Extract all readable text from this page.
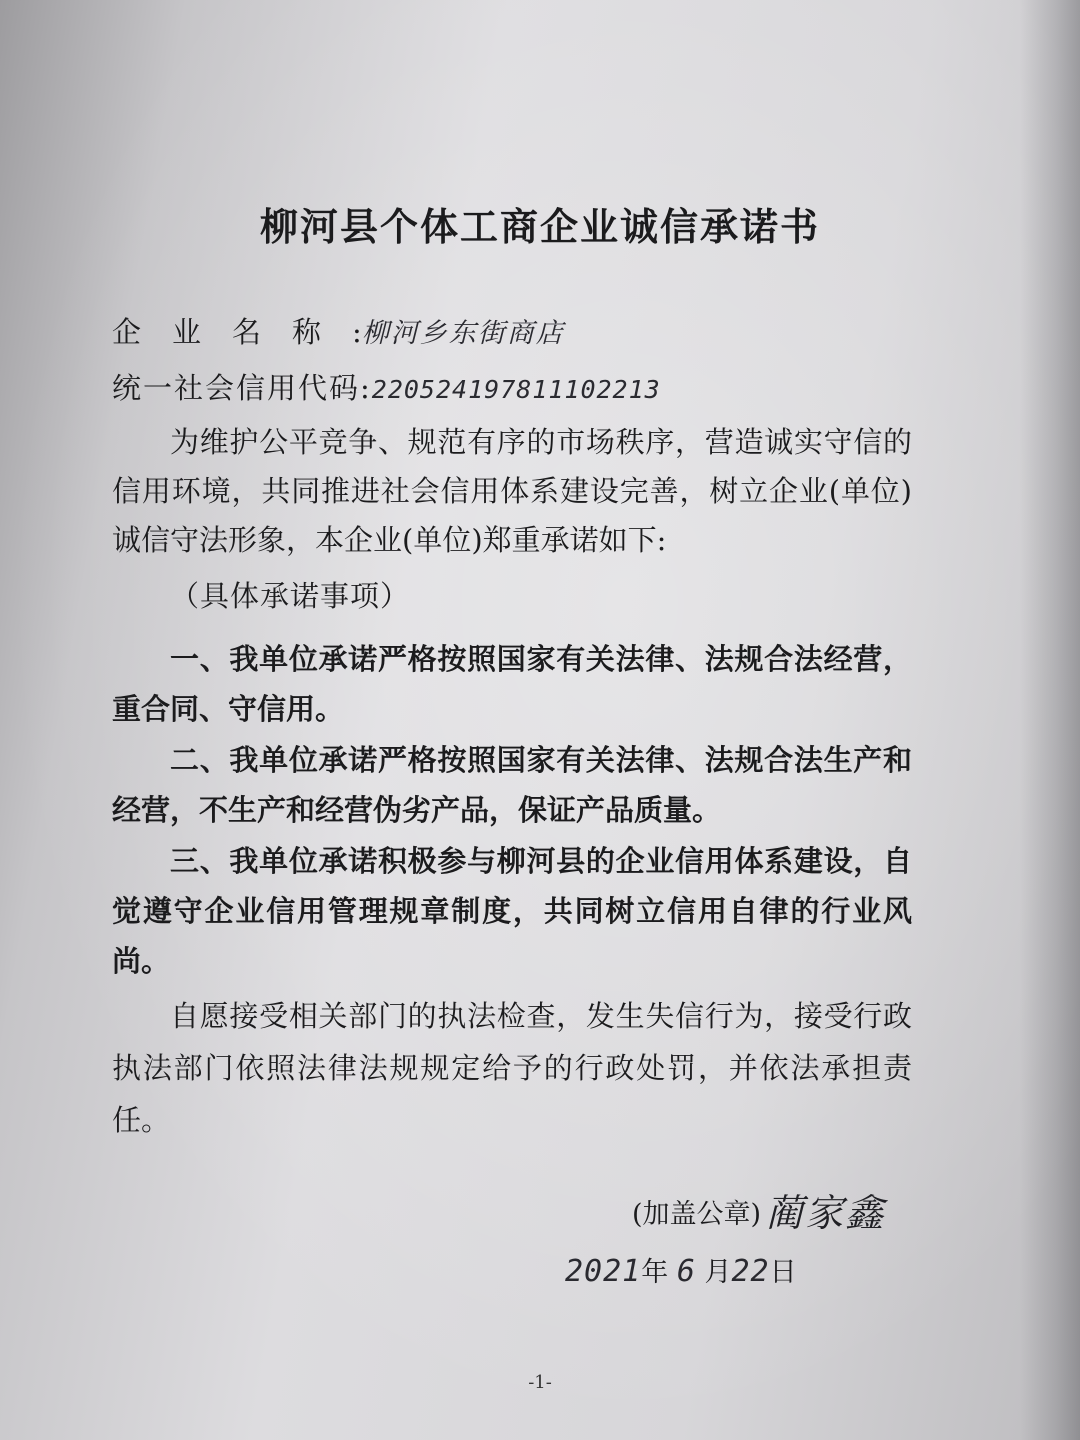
柳河县个体工商企业诚信承诺书
企业名称:柳河乡东街商店
统一社会信用代码:220524197811102213

为维护公平竞争、规范有序的市场秩序，营造诚实守信的信用环境，共同推进社会信用体系建设完善，树立企业(单位)诚信守法形象，本企业(单位)郑重承诺如下:

（具体承诺事项）

一、我单位承诺严格按照国家有关法律、法规合法经营，重合同、守信用。

二、我单位承诺严格按照国家有关法律、法规合法生产和经营，不生产和经营伪劣产品，保证产品质量。

三、我单位承诺积极参与柳河县的企业信用体系建设，自觉遵守企业信用管理规章制度，共同树立信用自律的行业风尚。

自愿接受相关部门的执法检查，发生失信行为，接受行政执法部门依照法律法规规定给予的行政处罚，并依法承担责任。

(加盖公章) 蔺家鑫
2021年 6 月22日
-1-
